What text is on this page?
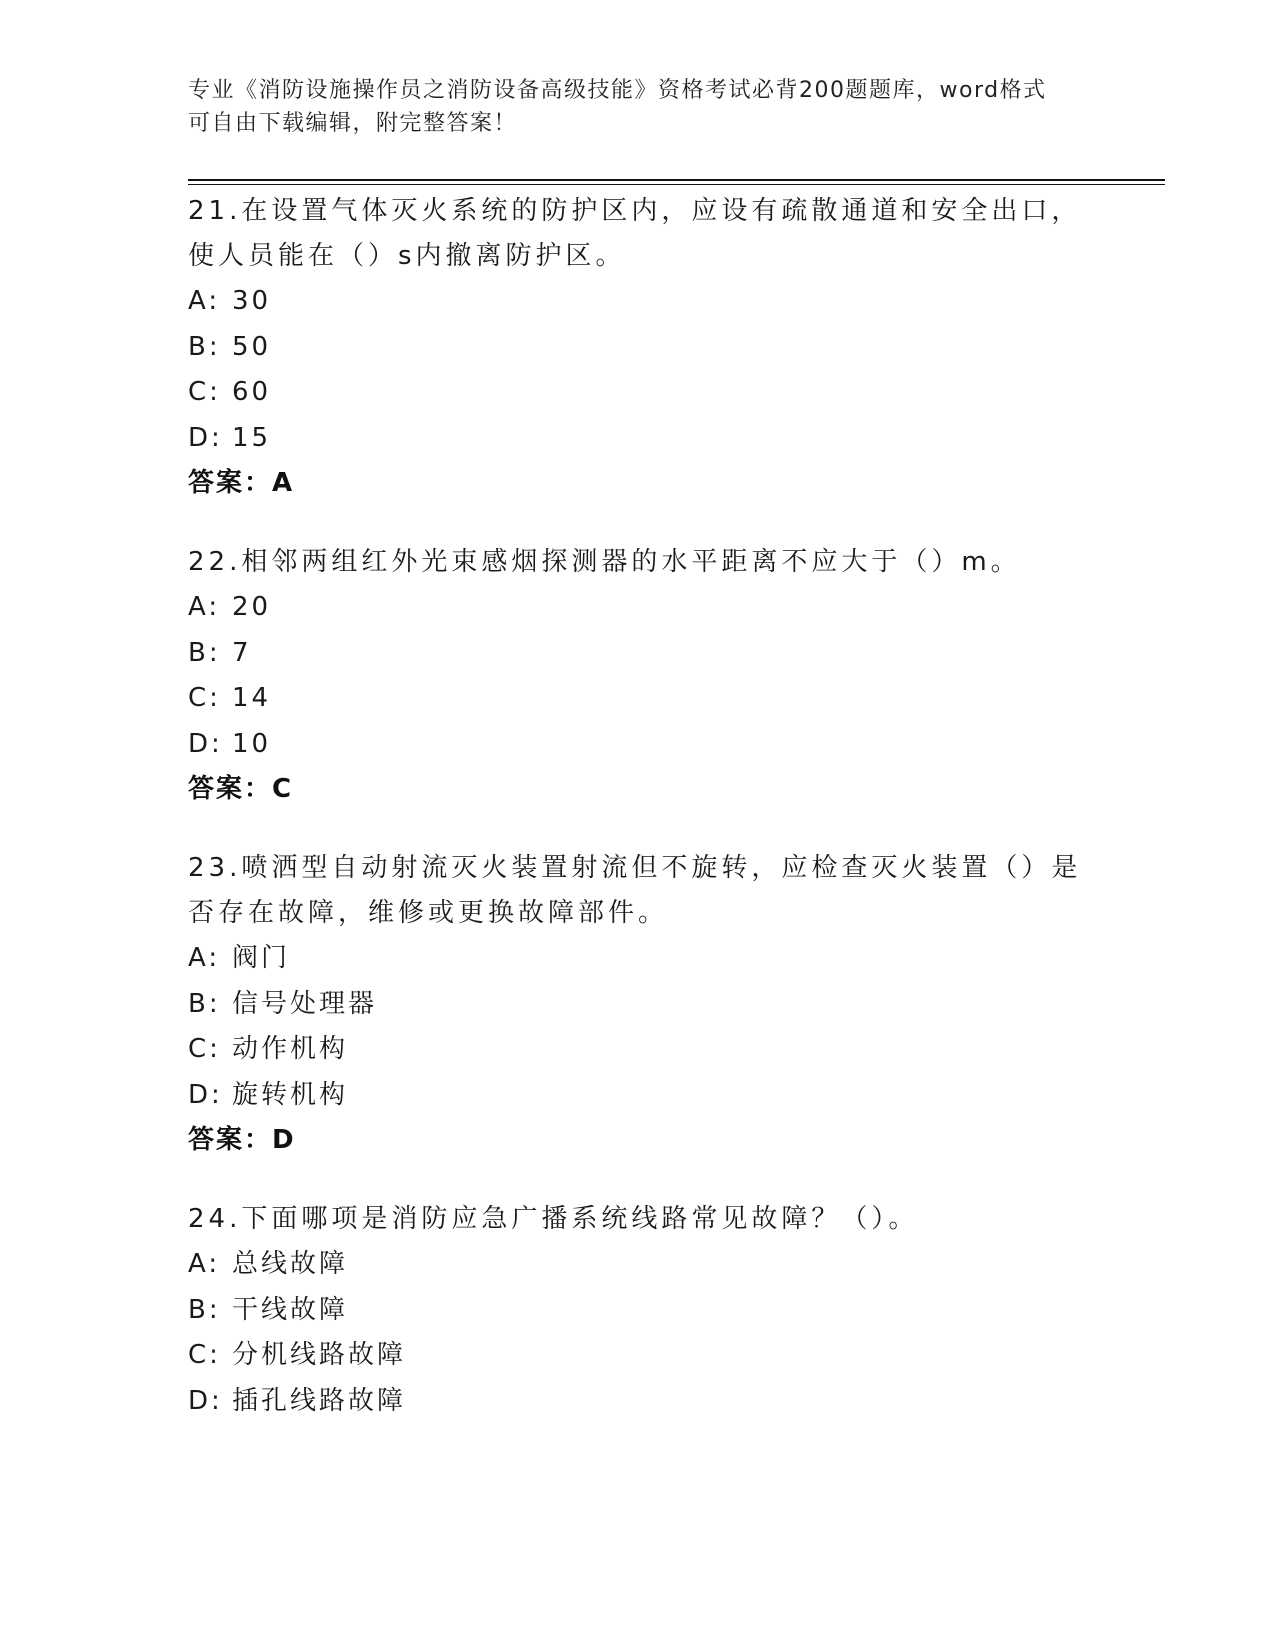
专业《消防设施操作员之消防设备高级技能》资格考试必背200题题库，word格式可自由下载编辑，附完整答案！

21.在设置气体灭火系统的防护区内，应设有疏散通道和安全出口，使人员能在（）s内撤离防护区。

A: 30
B: 50
C: 60
D: 15
答案：A

22.相邻两组红外光束感烟探测器的水平距离不应大于（）m。

A: 20
B: 7
C: 14
D: 10
答案：C

23.喷洒型自动射流灭火装置射流但不旋转，应检查灭火装置（）是否存在故障，维修或更换故障部件。

A: 阀门
B: 信号处理器
C: 动作机构
D: 旋转机构
答案：D

24.下面哪项是消防应急广播系统线路常见故障？（）。

A: 总线故障
B: 干线故障
C: 分机线路故障
D: 插孔线路故障
